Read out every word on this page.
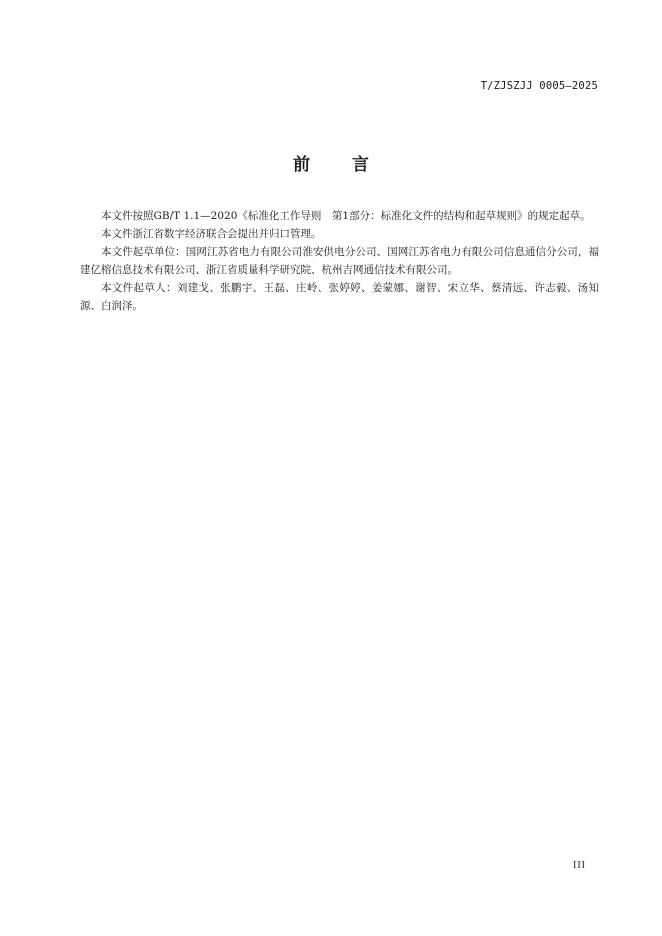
T/ZJSZJJ 0005—2025
前言

本文件按照GB/T 1.1—2020《标准化工作导则　第1部分：标准化文件的结构和起草规则》的规定起草。

本文件浙江省数字经济联合会提出并归口管理。

本文件起草单位：国网江苏省电力有限公司淮安供电分公司、国网江苏省电力有限公司信息通信分公司，福建亿榕信息技术有限公司、浙江省质量科学研究院、杭州吉网通信技术有限公司。

本文件起草人：刘建戈、张鹏宇、王磊、庄岭、张婷婷、姜蒙娜、谢智、宋立华、蔡清远、许志毅、汤知源、白润泽。

III
